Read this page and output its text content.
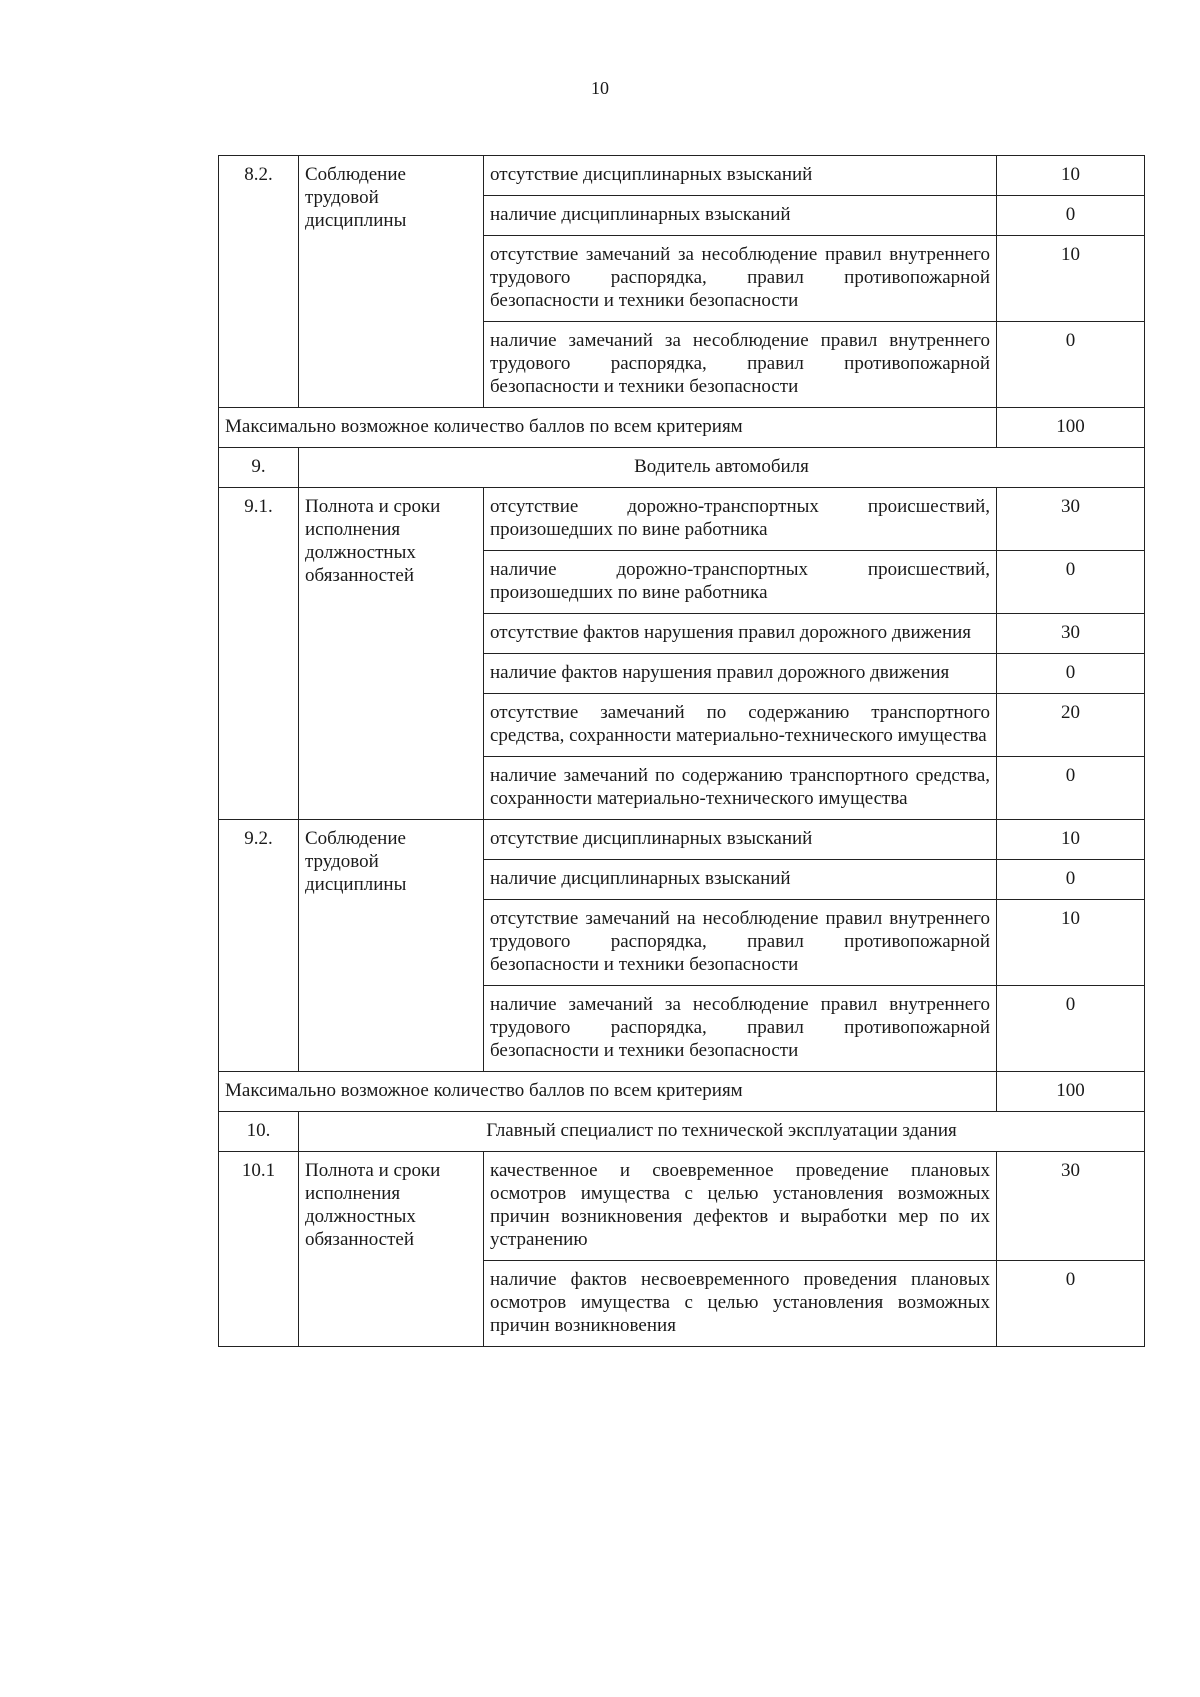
10
8.2.	Соблюдение трудовой дисциплины	отсутствие дисциплинарных взысканий	10
		наличие дисциплинарных взысканий	0
		отсутствие замечаний за несоблюдение правил внутреннего трудового распорядка, правил противопожарной безопасности и техники безопасности	10
		наличие замечаний за несоблюдение правил внутреннего трудового распорядка, правил противопожарной безопасности и техники безопасности	0
Максимально возможное количество баллов по всем критериям			100
9.	Водитель автомобиля		
9.1.	Полнота и сроки исполнения должностных обязанностей	отсутствие дорожно-транспортных происшествий, произошедших по вине работника	30
		наличие дорожно-транспортных происшествий, произошедших по вине работника	0
		отсутствие фактов нарушения правил дорожного движения	30
		наличие фактов нарушения правил дорожного движения	0
		отсутствие замечаний по содержанию транспортного средства, сохранности материально-технического имущества	20
		наличие замечаний по содержанию транспортного средства, сохранности материально-технического имущества	0
9.2.	Соблюдение трудовой дисциплины	отсутствие дисциплинарных взысканий	10
		наличие дисциплинарных взысканий	0
		отсутствие замечаний на несоблюдение правил внутреннего трудового распорядка, правил противопожарной безопасности и техники безопасности	10
		наличие замечаний за несоблюдение правил внутреннего трудового распорядка, правил противопожарной безопасности и техники безопасности	0
Максимально возможное количество баллов по всем критериям			100
10.	Главный специалист по технической эксплуатации здания		
10.1	Полнота и сроки исполнения должностных обязанностей	качественное и своевременное проведение плановых осмотров имущества с целью установления возможных причин возникновения дефектов и выработки мер по их устранению	30
		наличие фактов несвоевременного проведения плановых осмотров имущества с целью установления возможных причин возникновения	0
